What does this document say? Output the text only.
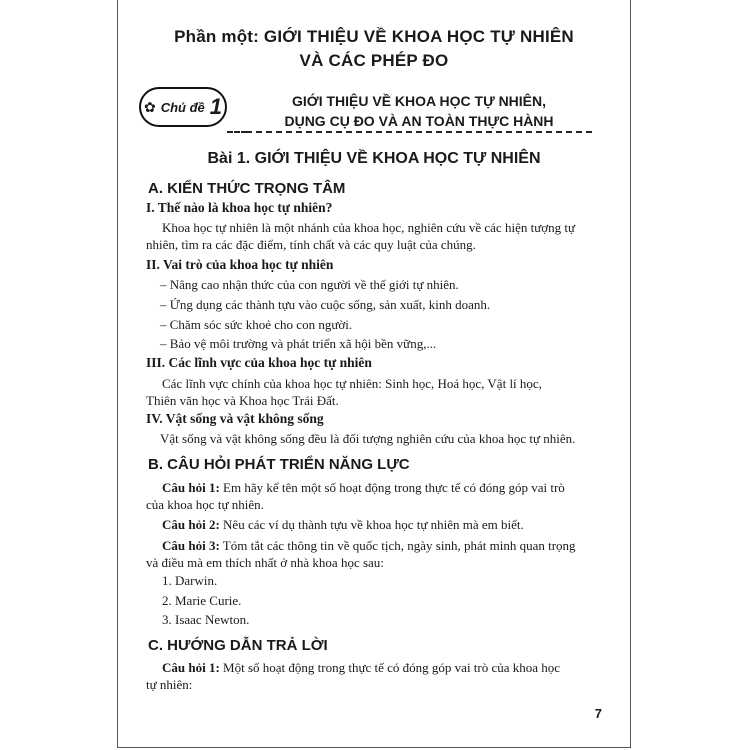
Phần một: GIỚI THIỆU VỀ KHOA HỌC TỰ NHIÊN
VÀ CÁC PHÉP ĐO
✿ Chủ đề 1	GIỚI THIỆU VỀ KHOA HỌC TỰ NHIÊN,
DỤNG CỤ ĐO VÀ AN TOÀN THỰC HÀNH
Bài 1. GIỚI THIỆU VỀ KHOA HỌC TỰ NHIÊN
A. KIẾN THỨC TRỌNG TÂM
I. Thế nào là khoa học tự nhiên?
Khoa học tự nhiên là một nhánh của khoa học, nghiên cứu về các hiện tượng tự
nhiên, tìm ra các đặc điểm, tính chất và các quy luật của chúng.
II. Vai trò của khoa học tự nhiên
– Nâng cao nhận thức của con người về thế giới tự nhiên.
– Ứng dụng các thành tựu vào cuộc sống, sản xuất, kinh doanh.
– Chăm sóc sức khoẻ cho con người.
– Bảo vệ môi trường và phát triển xã hội bền vững,...
III. Các lĩnh vực của khoa học tự nhiên
Các lĩnh vực chính của khoa học tự nhiên: Sinh học, Hoá học, Vật lí học,
Thiên văn học và Khoa học Trái Đất.
IV. Vật sống và vật không sống
Vật sống và vật không sống đều là đối tượng nghiên cứu của khoa học tự nhiên.
B. CÂU HỎI PHÁT TRIỂN NĂNG LỰC
Câu hỏi 1: Em hãy kể tên một số hoạt động trong thực tế có đóng góp vai trò
của khoa học tự nhiên.
Câu hỏi 2: Nêu các ví dụ thành tựu về khoa học tự nhiên mà em biết.
Câu hỏi 3: Tóm tắt các thông tin về quốc tịch, ngày sinh, phát minh quan trọng
và điều mà em thích nhất ở nhà khoa học sau:
1. Darwin.
2. Marie Curie.
3. Isaac Newton.
C. HƯỚNG DẪN TRẢ LỜI
Câu hỏi 1: Một số hoạt động trong thực tế có đóng góp vai trò của khoa học
tự nhiên:
7
